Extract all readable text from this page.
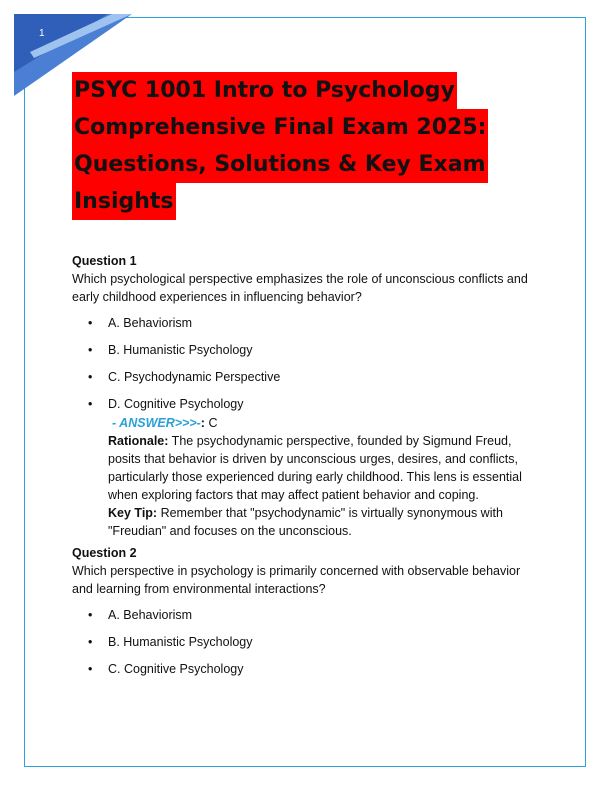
1
PSYC 1001 Intro to Psychology
Comprehensive Final Exam 2025:
Questions, Solutions & Key Exam
Insights

Question 1

Which psychological perspective emphasizes the role of unconscious conflicts and early childhood experiences in influencing behavior?

• A. Behaviorism
• B. Humanistic Psychology
• C. Psychodynamic Perspective
• D. Cognitive Psychology
- ANSWER>>>-: C
Rationale: The psychodynamic perspective, founded by Sigmund Freud, posits that behavior is driven by unconscious urges, desires, and conflicts, particularly those experienced during early childhood. This lens is essential when exploring factors that may affect patient behavior and coping.
Key Tip: Remember that "psychodynamic" is virtually synonymous with "Freudian" and focuses on the unconscious.

Question 2

Which perspective in psychology is primarily concerned with observable behavior and learning from environmental interactions?

• A. Behaviorism
• B. Humanistic Psychology
• C. Cognitive Psychology
